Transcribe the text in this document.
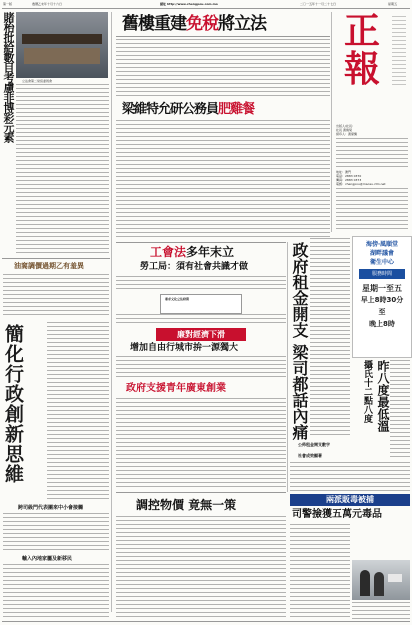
第一版	農曆乙未年十月十六日	網址 http://www.chengpou.com.mo	二〇一五年十一月二十七日	星期五
賭枱批給數目考慮非博彩元素 立法會第二常設委員會
油窩調價過期乙有羞異
簡化行政創新思維
跨司級門代表團來中小會接觸
輸入內地家屬及新移民
舊樓重建免稅將立法
梁維特允研公務員肥雞餐
工會法多年末立
勞工局：須有社會共識才做
要求文化立法時間
廉對經濟下滑
增加自由行城市拚一源獨大
政府支援青年廣東創業
調控物價 竟無一策
正
報
出版人/社長：
社長 黃煥棠
督印人：黃偉樂
地址：澳門
電話：2883 0370
傳真：2883 0373
電郵：chengpou@macau.ctm.net
政府租金開支
梁司都話內痛
公佈租金開支數字
社會成效顯著
海傍‧風順堂
湖畔議會
衛生中心
服務時間
星期一至五
早上8時30分
至
晚上8時
昨八度最低溫
攝氏十二點八度
兩派販毒被捕
司警撿獲五萬元毒品
